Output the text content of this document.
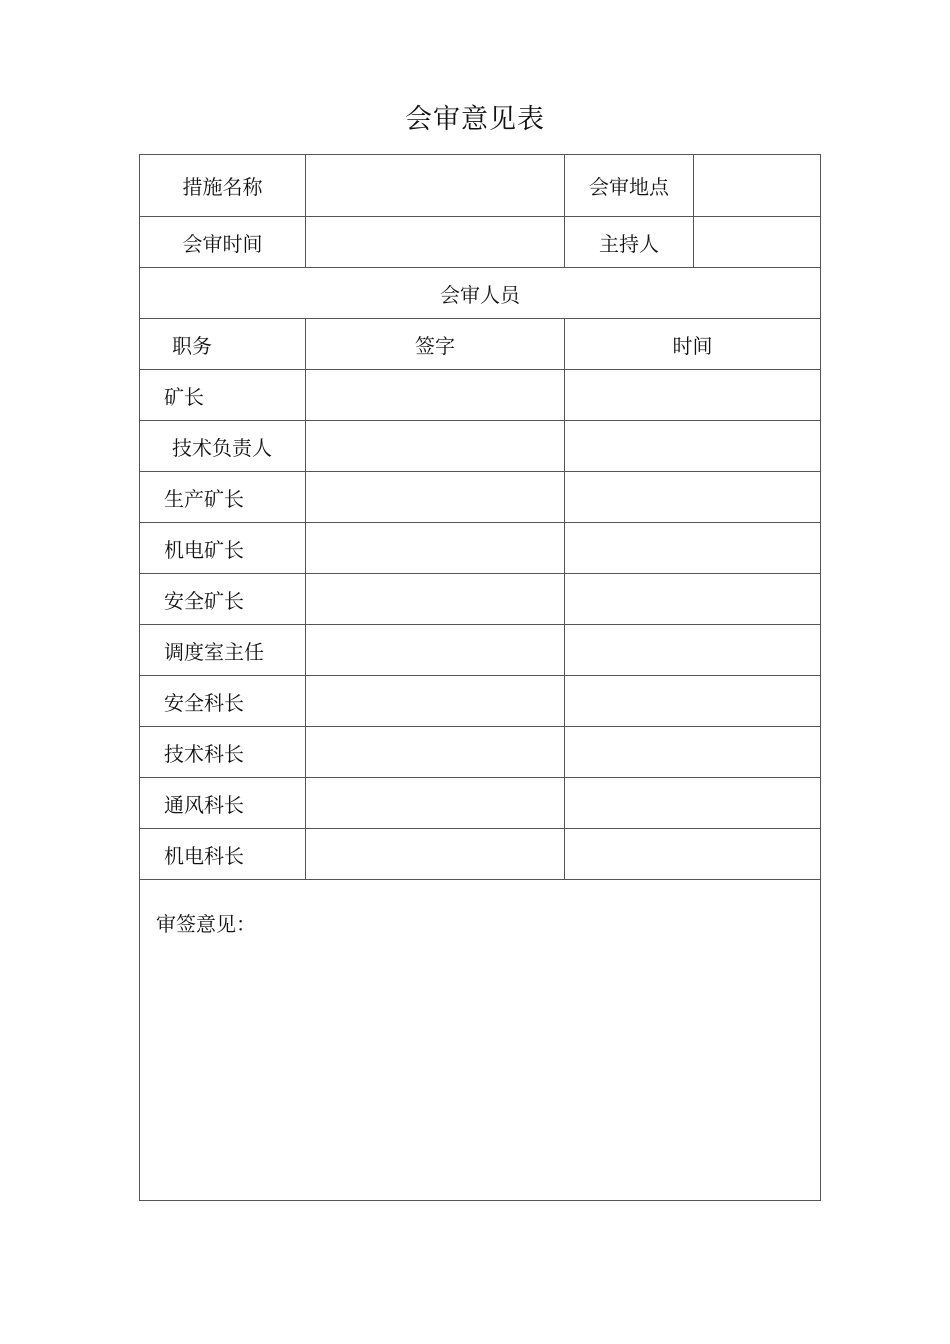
会审意见表
措施名称		会审地点	
会审时间		主持人	
会审人员			
职务	签字	时间	
矿长			
技术负责人			
生产矿长			
机电矿长			
安全矿长			
调度室主任			
安全科长			
技术科长			
通风科长			
机电科长			
审签意见：			
